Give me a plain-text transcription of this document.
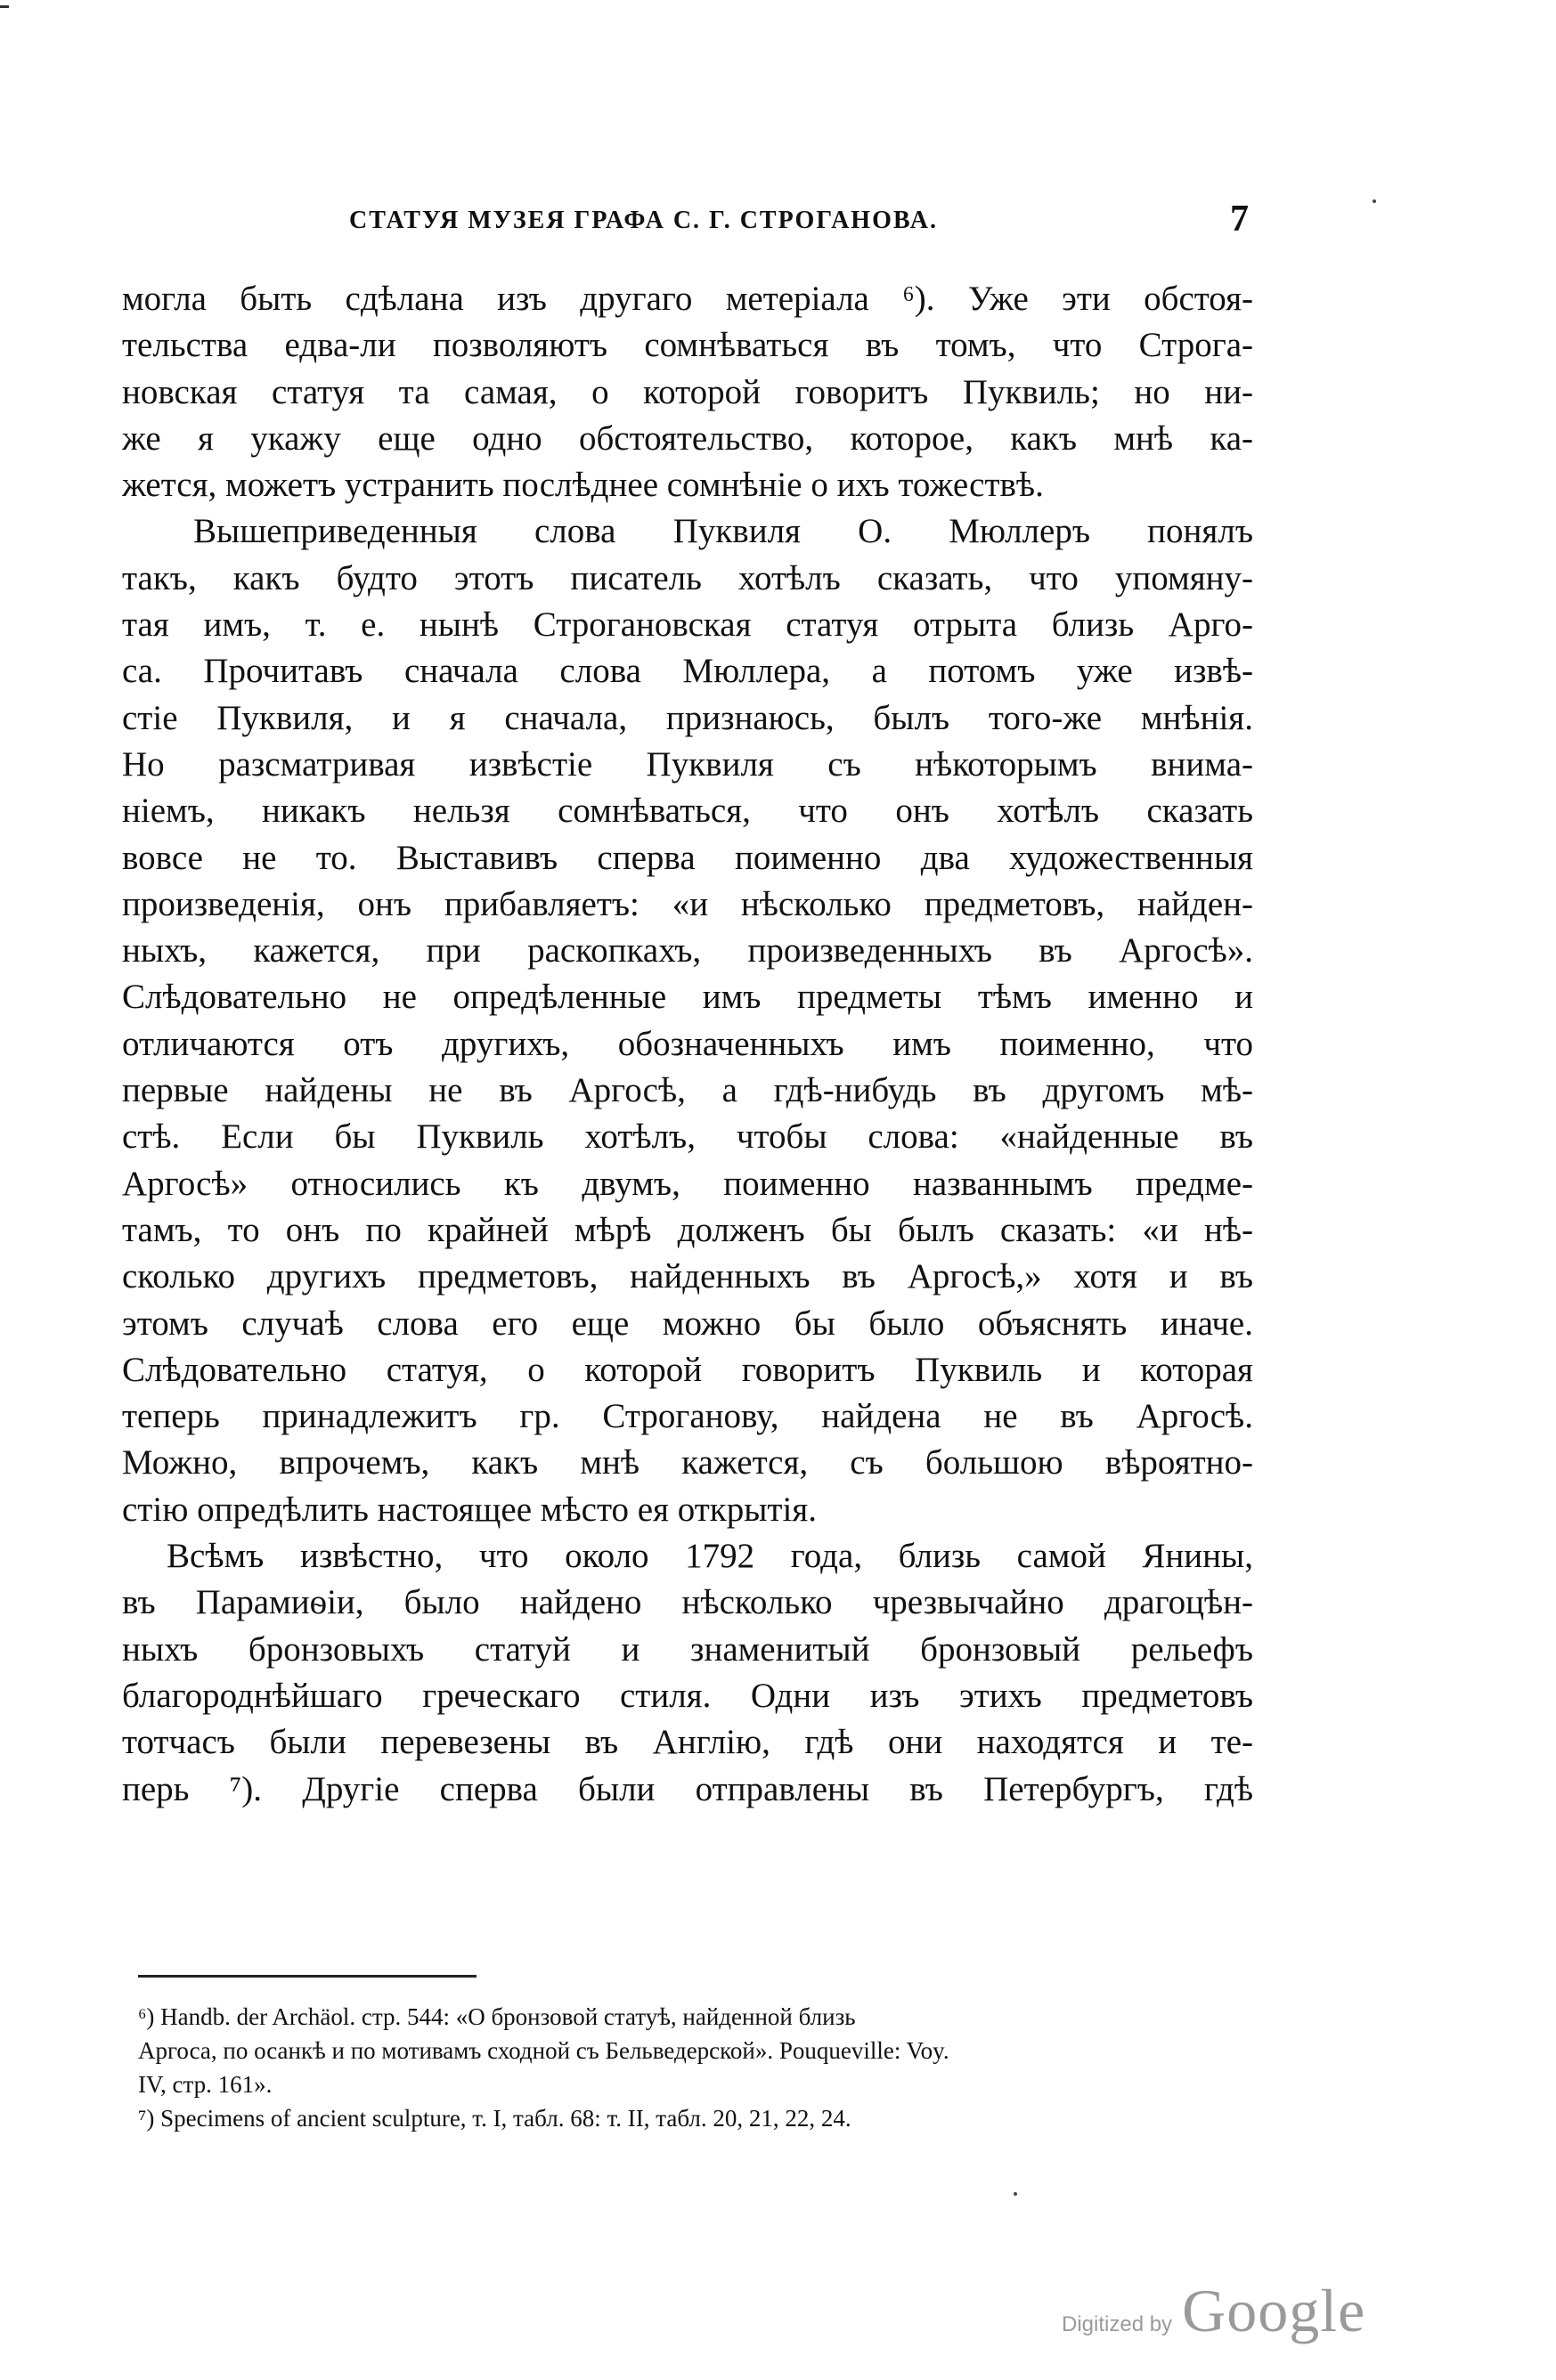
СТАТУЯ МУЗЕЯ ГРАФА С. Г. СТРОГАНОВА.	7
могла быть сдѣлана изъ другаго метеріала ⁶). Уже эти обстоя-
тельства едва-ли позволяютъ сомнѣваться въ томъ, что Строга-
новская статуя та самая, о которой говоритъ Пуквиль; но ни-
же я укажу еще одно обстоятельство, которое, какъ мнѣ ка-
жется, можетъ устранить послѣднее сомнѣніе о ихъ тожествѣ.
Вышеприведенныя слова Пуквиля О. Мюллеръ понялъ
такъ, какъ будто этотъ писатель хотѣлъ сказать, что упомяну-
тая имъ, т. е. нынѣ Строгановская статуя отрыта близь Арго-
са. Прочитавъ сначала слова Мюллера, а потомъ уже извѣ-
стіе Пуквиля, и я сначала, признаюсь, былъ того-же мнѣнія.
Но разсматривая извѣстіе Пуквиля съ нѣкоторымъ внима-
ніемъ, никакъ нельзя сомнѣваться, что онъ хотѣлъ сказать
вовсе не то. Выставивъ сперва поименно два художественныя
произведенія, онъ прибавляетъ: «и нѣсколько предметовъ, найден-
ныхъ, кажется, при раскопкахъ, произведенныхъ въ Аргосѣ».
Слѣдовательно не опредѣленные имъ предметы тѣмъ именно и
отличаются отъ другихъ, обозначенныхъ имъ поименно, что
первые найдены не въ Аргосѣ, а гдѣ-нибудь въ другомъ мѣ-
стѣ. Если бы Пуквиль хотѣлъ, чтобы слова: «найденные въ
Аргосѣ» относились къ двумъ, поименно названнымъ предме-
тамъ, то онъ по крайней мѣрѣ долженъ бы былъ сказать: «и нѣ-
сколько другихъ предметовъ, найденныхъ въ Аргосѣ,» хотя и въ
этомъ случаѣ слова его еще можно бы было объяснять иначе.
Слѣдовательно статуя, о которой говоритъ Пуквиль и которая
теперь принадлежитъ гр. Строганову, найдена не въ Аргосѣ.
Можно, впрочемъ, какъ мнѣ кажется, съ большою вѣроятно-
стію опредѣлить настоящее мѣсто ея открытія.
Всѣмъ извѣстно, что около 1792 года, близь самой Янины,
въ Парамиѳіи, было найдено нѣсколько чрезвычайно драгоцѣн-
ныхъ бронзовыхъ статуй и знаменитый бронзовый рельефъ
благороднѣйшаго греческаго стиля. Одни изъ этихъ предметовъ
тотчасъ были перевезены въ Англію, гдѣ они находятся и те-
перь ⁷). Другіе сперва были отправлены въ Петербургъ, гдѣ
⁶) Handb. der Archäol. стр. 544: «О бронзовой статуѣ, найденной близь
Аргоса, по осанкѣ и по мотивамъ сходной съ Бельведерской». Pouqueville: Voy.
IV, стр. 161».
⁷) Specimens of ancient sculpture, т. I, табл. 68: т. II, табл. 20, 21, 22, 24.
Digitized by Google
